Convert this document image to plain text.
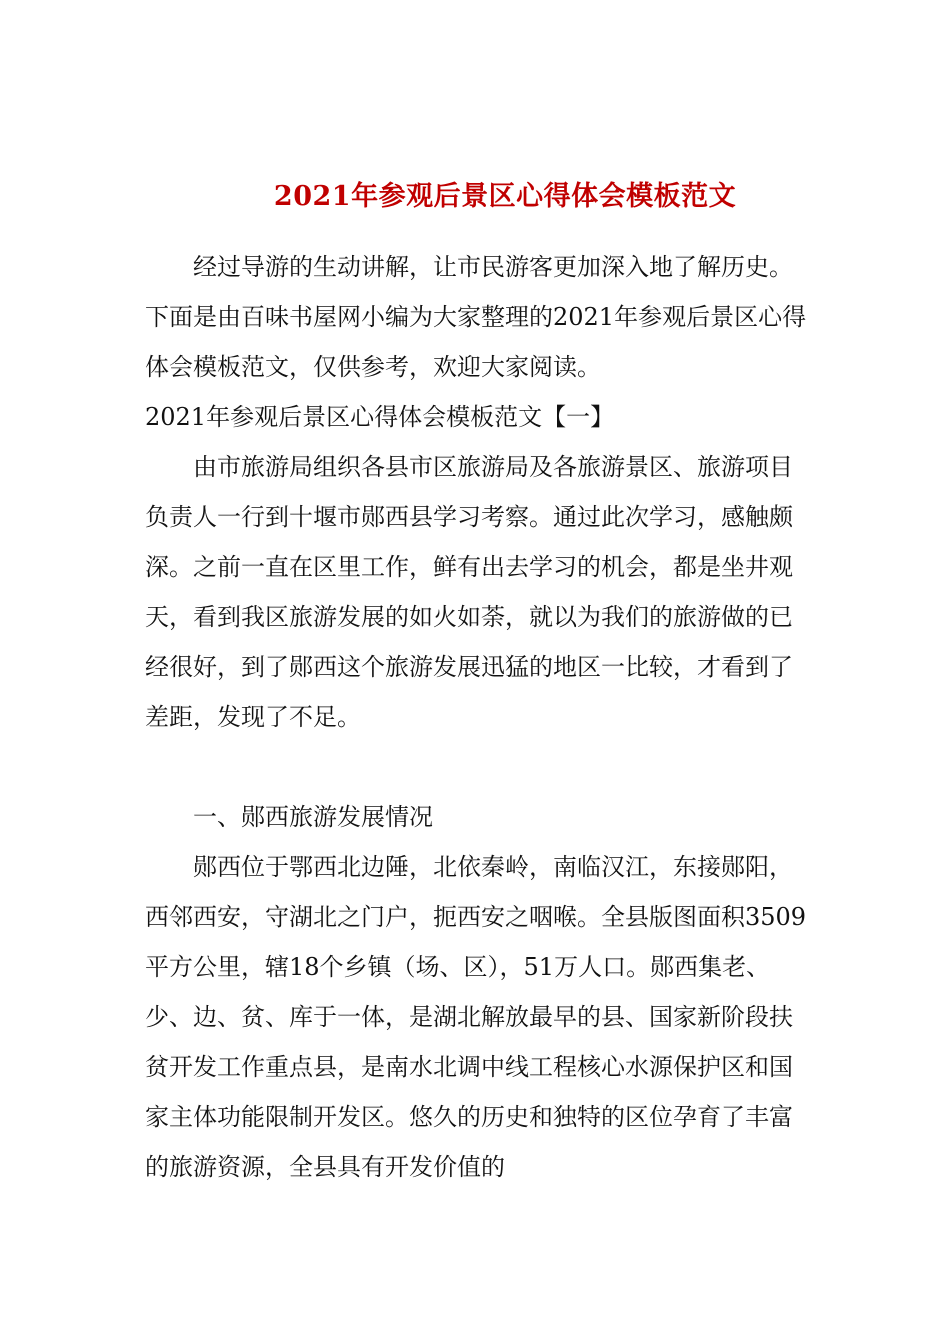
2021年参观后景区心得体会模板范文

经过导游的生动讲解，让市民游客更加深入地了解历史。下面是由百味书屋网小编为大家整理的2021年参观后景区心得体会模板范文，仅供参考，欢迎大家阅读。

2021年参观后景区心得体会模板范文【一】

由市旅游局组织各县市区旅游局及各旅游景区、旅游项目负责人一行到十堰市郧西县学习考察。通过此次学习，感触颇深。之前一直在区里工作，鲜有出去学习的机会，都是坐井观天，看到我区旅游发展的如火如荼，就以为我们的旅游做的已经很好，到了郧西这个旅游发展迅猛的地区一比较，才看到了差距，发现了不足。

一、郧西旅游发展情况

郧西位于鄂西北边陲，北依秦岭，南临汉江，东接郧阳，西邻西安，守湖北之门户，扼西安之咽喉。全县版图面积3509平方公里，辖18个乡镇（场、区），51万人口。郧西集老、少、边、贫、库于一体，是湖北解放最早的县、国家新阶段扶贫开发工作重点县，是南水北调中线工程核心水源保护区和国家主体功能限制开发区。悠久的历史和独特的区位孕育了丰富的旅游资源，全县具有开发价值的
